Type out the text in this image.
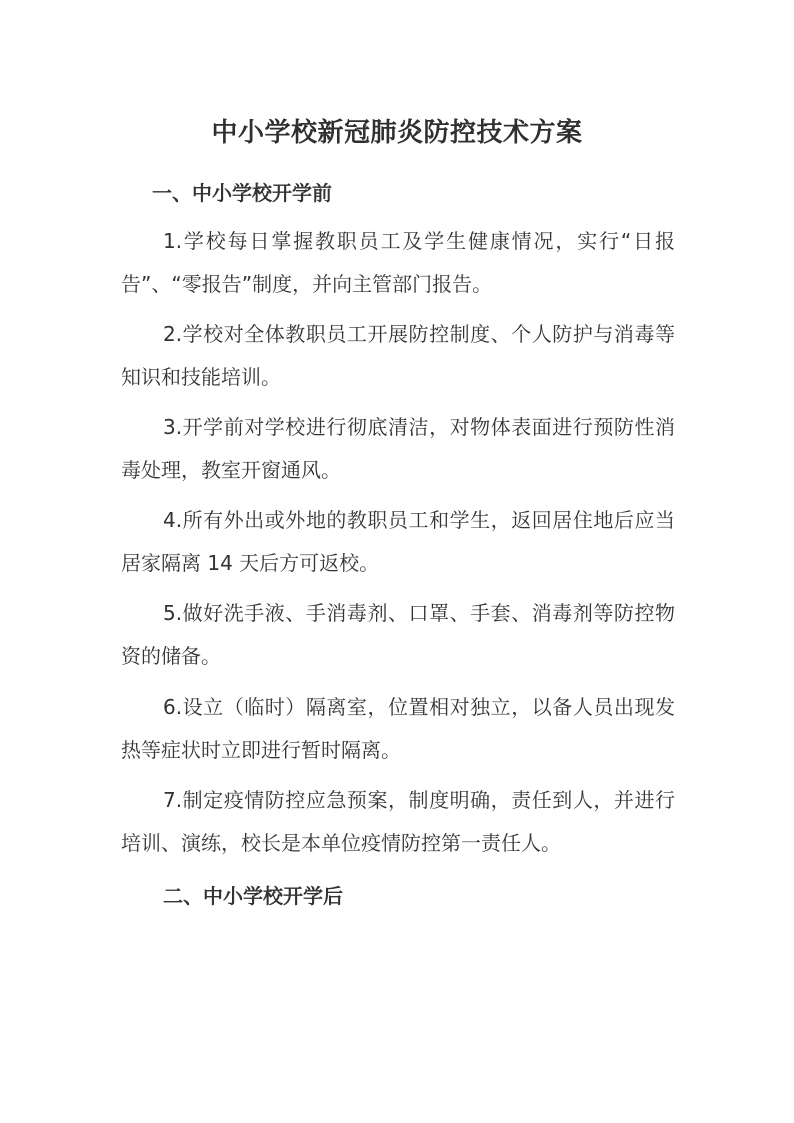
中小学校新冠肺炎防控技术方案
一、中小学校开学前

1.学校每日掌握教职员工及学生健康情况，实行“日报告”、“零报告”制度，并向主管部门报告。

2.学校对全体教职员工开展防控制度、个人防护与消毒等知识和技能培训。

3.开学前对学校进行彻底清洁，对物体表面进行预防性消毒处理，教室开窗通风。

4.所有外出或外地的教职员工和学生，返回居住地后应当居家隔离 14 天后方可返校。

5.做好洗手液、手消毒剂、口罩、手套、消毒剂等防控物资的储备。

6.设立（临时）隔离室，位置相对独立，以备人员出现发热等症状时立即进行暂时隔离。

7.制定疫情防控应急预案，制度明确，责任到人，并进行培训、演练，校长是本单位疫情防控第一责任人。

二、中小学校开学后
